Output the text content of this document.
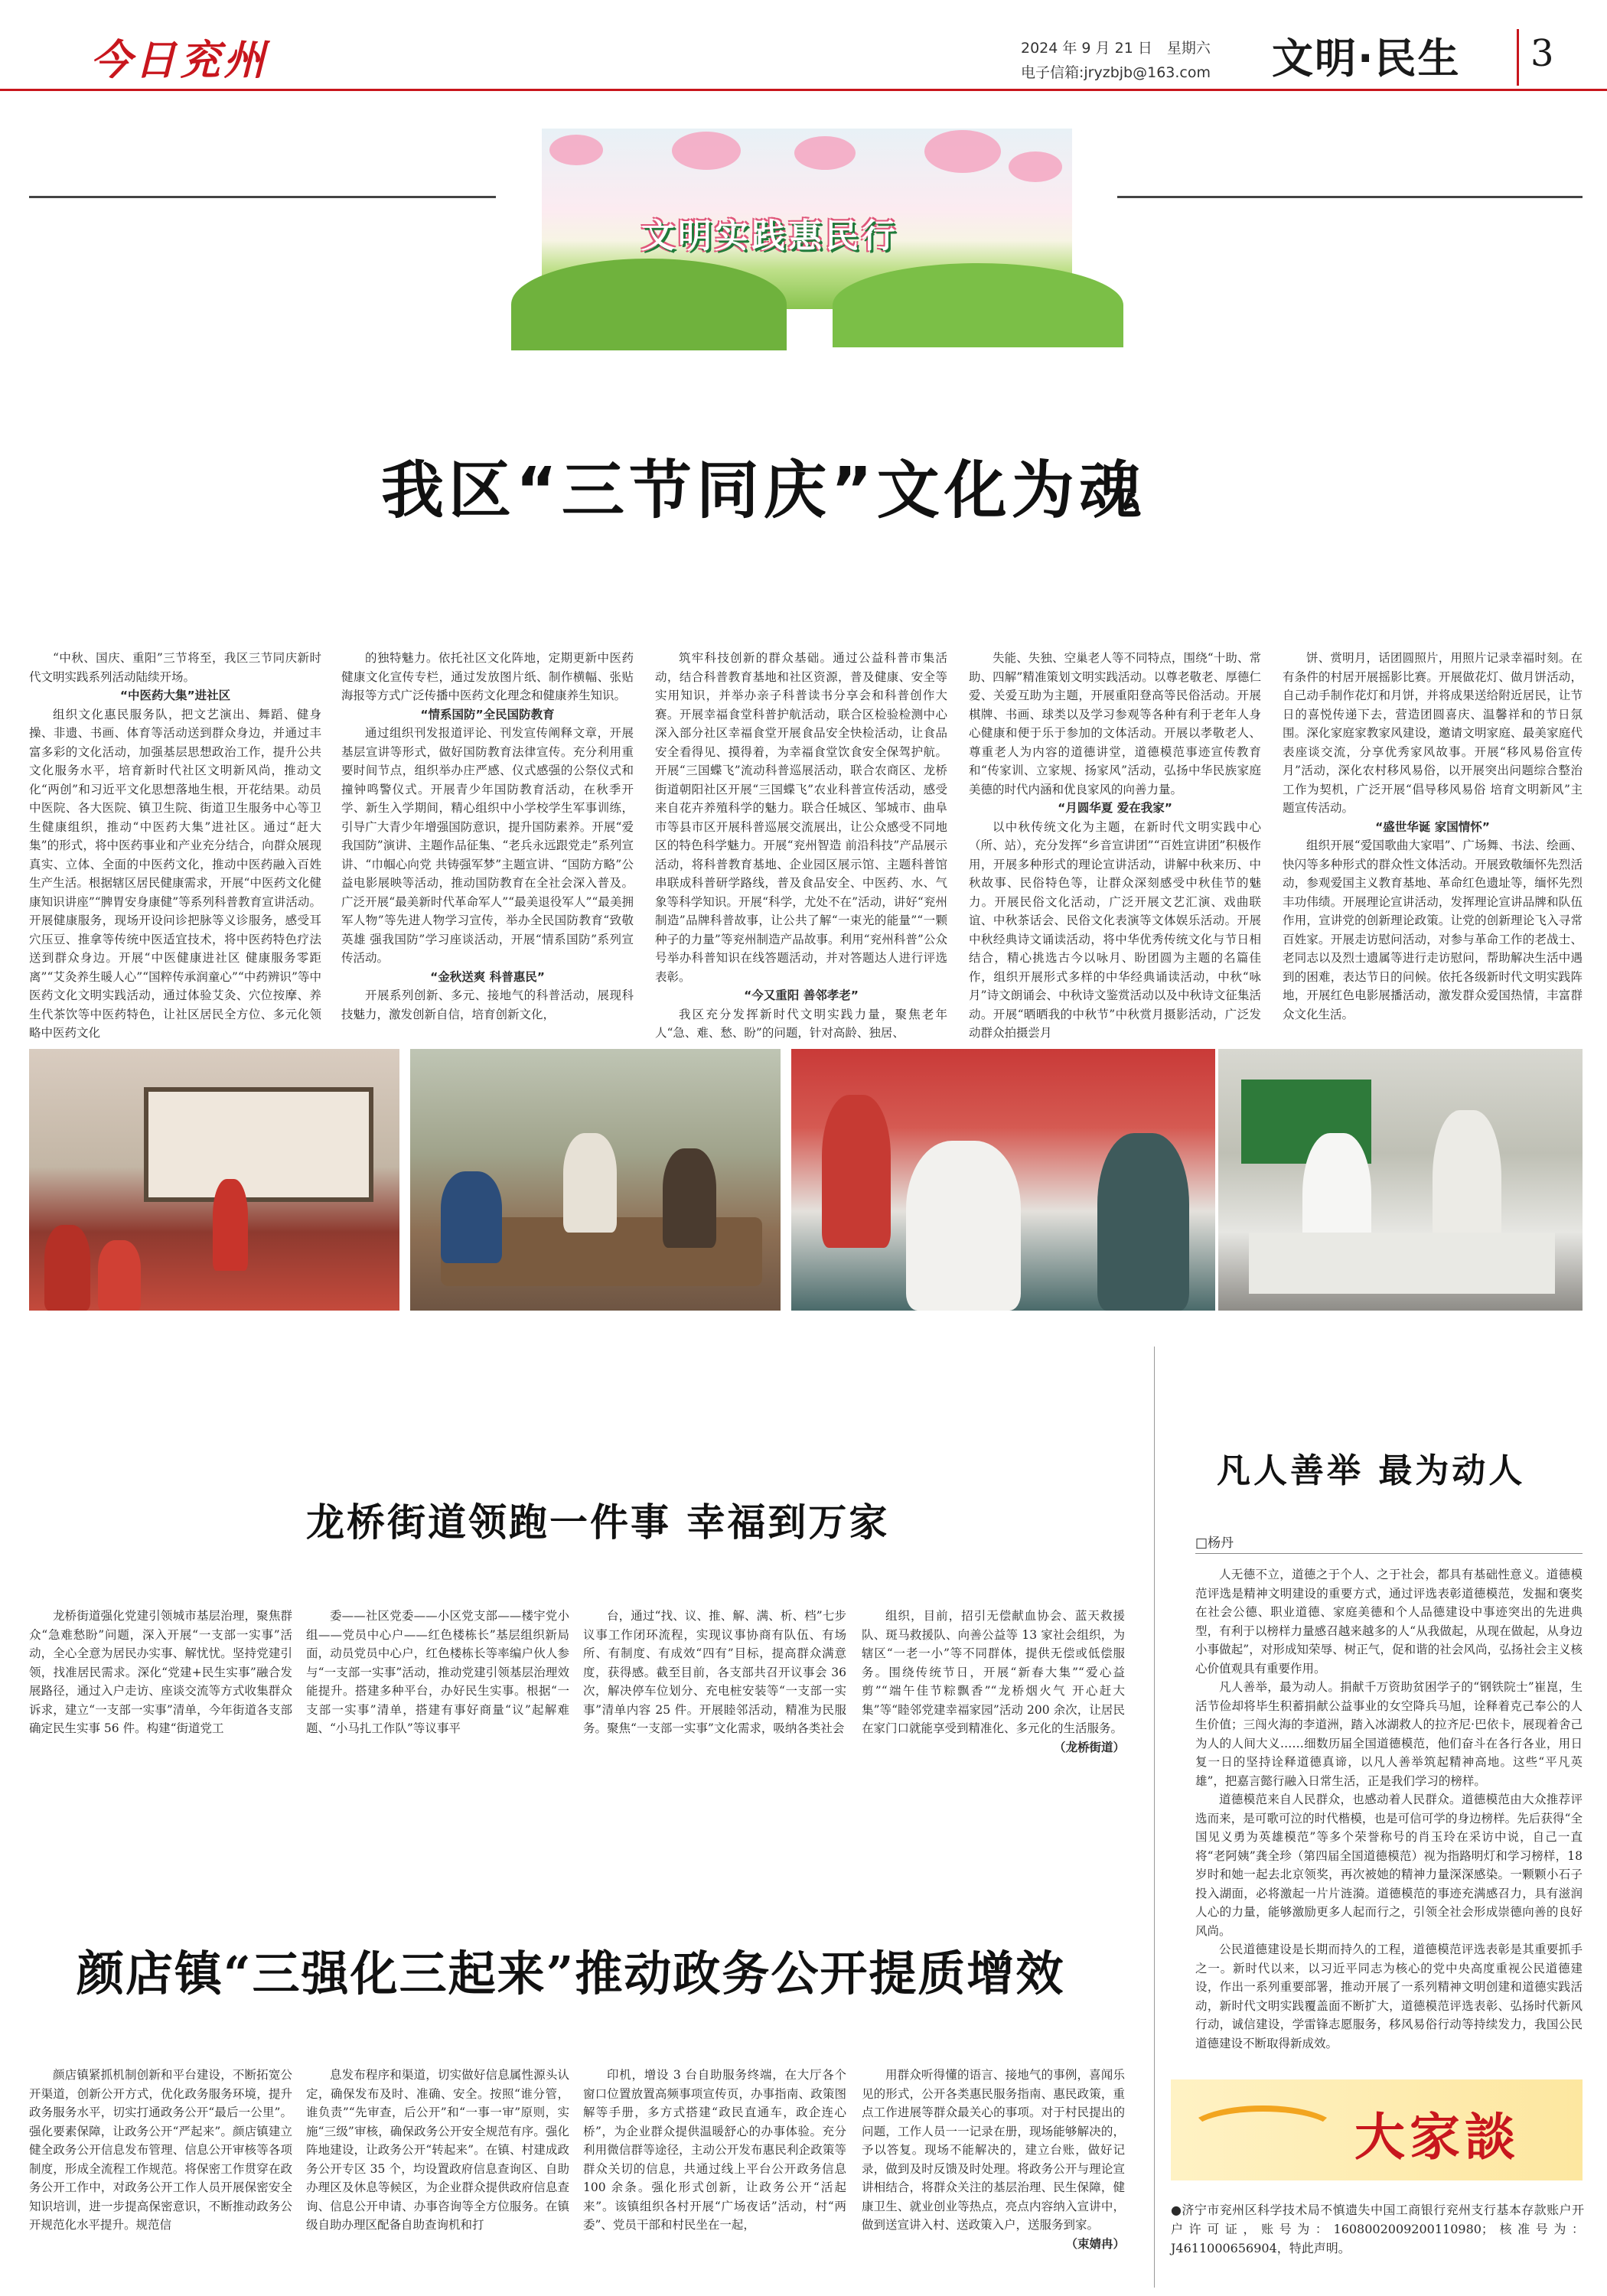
今日兖州	2024 年 9 月 21 日　星期六
电子信箱:jryzbjb@163.com 文明·民生 3
文明实践惠民行
我区“三节同庆”文化为魂

“中秋、国庆、重阳”三节将至，我区三节同庆新时代文明实践系列活动陆续开场。

“中医药大集”进社区

组织文化惠民服务队，把文艺演出、舞蹈、健身操、非遗、书画、体育等活动送到群众身边，并通过丰富多彩的文化活动，加强基层思想政治工作，提升公共文化服务水平，培育新时代社区文明新风尚，推动文化“两创”和习近平文化思想落地生根，开花结果。动员中医院、各大医院、镇卫生院、街道卫生服务中心等卫生健康组织，推动“中医药大集”进社区。通过“赶大集”的形式，将中医药事业和产业充分结合，向群众展现真实、立体、全面的中医药文化，推动中医药融入百姓生产生活。根据辖区居民健康需求，开展“中医药文化健康知识讲座”“脾胃安身康健”等系列科普教育宣讲活动。开展健康服务，现场开设问诊把脉等义诊服务，感受耳穴压豆、推拿等传统中医适宜技术，将中医药特色疗法送到群众身边。开展“中医健康进社区 健康服务零距离”“艾灸养生暖人心”“国粹传承润童心”“中药辨识”等中医药文化文明实践活动，通过体验艾灸、穴位按摩、养生代茶饮等中医药特色，让社区居民全方位、多元化领略中医药文化

的独特魅力。依托社区文化阵地，定期更新中医药健康文化宣传专栏，通过发放图片纸、制作横幅、张贴海报等方式广泛传播中医药文化理念和健康养生知识。

“情系国防”全民国防教育

通过组织刊发报道评论、刊发宣传阐释文章，开展基层宣讲等形式，做好国防教育法律宣传。充分利用重要时间节点，组织举办庄严感、仪式感强的公祭仪式和撞钟鸣警仪式。开展青少年国防教育活动，在秋季开学、新生入学期间，精心组织中小学校学生军事训练，引导广大青少年增强国防意识，提升国防素养。开展“爱我国防”演讲、主题作品征集、“老兵永远跟党走”系列宣讲、“巾帼心向党 共铸强军梦”主题宣讲、“国防方略”公益电影展映等活动，推动国防教育在全社会深入普及。广泛开展“最美新时代革命军人”“最美退役军人”“最美拥军人物”等先进人物学习宣传，举办全民国防教育“致敬英雄 强我国防”学习座谈活动，开展“情系国防”系列宣传活动。

“金秋送爽 科普惠民”

开展系列创新、多元、接地气的科普活动，展现科技魅力，激发创新自信，培育创新文化，

筑牢科技创新的群众基础。通过公益科普市集活动，结合科普教育基地和社区资源，普及健康、安全等实用知识，并举办亲子科普读书分享会和科普创作大赛。开展幸福食堂科普护航活动，联合区检验检测中心深入部分社区幸福食堂开展食品安全快检活动，让食品安全看得见、摸得着，为幸福食堂饮食安全保驾护航。开展“三国蝶飞”流动科普巡展活动，联合农商区、龙桥街道朝阳社区开展“三国蝶飞”农业科普宣传活动，感受来自花卉养殖科学的魅力。联合任城区、邹城市、曲阜市等县市区开展科普巡展交流展出，让公众感受不同地区的特色科学魅力。开展“兖州智造 前沿科技”产品展示活动，将科普教育基地、企业园区展示馆、主题科普馆串联成科普研学路线，普及食品安全、中医药、水、气象等科学知识。开展“科学，尤处不在”活动，讲好“兖州制造”品牌科普故事，让公共了解“一束光的能量”“一颗种子的力量”等兖州制造产品故事。利用“兖州科普”公众号举办科普知识在线答题活动，并对答题达人进行评选表彰。

“今又重阳 善邻孝老”

我区充分发挥新时代文明实践力量，聚焦老年人“急、难、愁、盼”的问题，针对高龄、独居、

失能、失独、空巢老人等不同特点，围绕“十助、常助、四解”精准策划文明实践活动。以尊老敬老、厚德仁爱、关爱互助为主题，开展重阳登高等民俗活动。开展棋牌、书画、球类以及学习参观等各种有利于老年人身心健康和便于乐于参加的文体活动。开展以孝敬老人、尊重老人为内容的道德讲堂，道德模范事迹宣传教育和“传家训、立家规、扬家风”活动，弘扬中华民族家庭美德的时代内涵和优良家风的向善力量。

“月圆华夏 爱在我家”

以中秋传统文化为主题，在新时代文明实践中心（所、站），充分发挥“乡音宣讲团”“百姓宣讲团”积极作用，开展多种形式的理论宣讲活动，讲解中秋来历、中秋故事、民俗特色等，让群众深刻感受中秋佳节的魅力。开展民俗文化活动，广泛开展文艺汇演、戏曲联谊、中秋茶话会、民俗文化表演等文体娱乐活动。开展中秋经典诗文诵读活动，将中华优秀传统文化与节日相结合，精心挑选古今以咏月、盼团圆为主题的名篇佳作，组织开展形式多样的中华经典诵读活动，中秋“咏月”诗文朗诵会、中秋诗文鉴赏活动以及中秋诗文征集活动。开展“晒晒我的中秋节”中秋赏月摄影活动，广泛发动群众拍摄尝月

饼、赏明月，话团圆照片，用照片记录幸福时刻。在有条件的村居开展摇影比赛。开展做花灯、做月饼活动，自己动手制作花灯和月饼，并将成果送给附近居民，让节日的喜悦传递下去，营造团圆喜庆、温馨祥和的节日氛围。深化家庭家教家风建设，邀请文明家庭、最美家庭代表座谈交流，分享优秀家风故事。开展“移风易俗宣传月”活动，深化农村移风易俗，以开展突出问题综合整治工作为契机，广泛开展“倡导移风易俗 培育文明新风”主题宣传活动。

“盛世华诞 家国情怀”

组织开展“爱国歌曲大家唱”、广场舞、书法、绘画、快闪等多种形式的群众性文体活动。开展致敬缅怀先烈活动，参观爱国主义教育基地、革命红色遗址等，缅怀先烈丰功伟绩。开展理论宣讲活动，发挥理论宣讲品牌和队伍作用，宣讲党的创新理论政策。让党的创新理论飞入寻常百姓家。开展走访慰问活动，对参与革命工作的老战士、老同志以及烈士遗属等进行走访慰问，帮助解决生活中遇到的困难，表达节日的问候。依托各级新时代文明实践阵地，开展红色电影展播活动，激发群众爱国热情，丰富群众文化生活。

龙桥街道领跑一件事 幸福到万家

龙桥街道强化党建引领城市基层治理，聚焦群众“急难愁盼”问题，深入开展“一支部一实事”活动，全心全意为居民办实事、解忧忧。坚持党建引领，找准居民需求。深化“党建+民生实事”融合发展路径，通过入户走访、座谈交流等方式收集群众诉求，建立“一支部一实事”清单，今年街道各支部确定民生实事 56 件。构建“街道党工

委——社区党委——小区党支部——楼宇党小组——党员中心户——红色楼栋长”基层组织新局面，动员党员中心户，红色楼栋长等率编户伙人参与“一支部一实事”活动，推动党建引领基层治理效能提升。搭建多种平台，办好民生实事。根据“一支部一实事”清单，搭建有事好商量“议”起解难题、“小马扎工作队”等议事平

台，通过“找、议、推、解、满、析、档”七步议事工作闭环流程，实现议事协商有队伍、有场所、有制度、有成效“四有”目标，提高群众满意度，获得感。截至目前，各支部共召开议事会 36 次，解决停车位划分、充电桩安装等“一支部一实事”清单内容 25 件。开展睦邻活动，精准为民服务。聚焦“一支部一实事”文化需求，吸纳各类社会

组织，目前，招引无偿献血协会、蓝天救援队、斑马救援队、向善公益等 13 家社会组织，为辖区“一老一小”等不同群体，提供无偿或低偿服务。围绕传统节日，开展“新春大集”“爱心益剪”“端午佳节粽飘香”“龙桥烟火气 开心赶大集”等“睦邻党建幸福家园”活动 200 余次，让居民在家门口就能享受到精准化、多元化的生活服务。

（龙桥街道）

颜店镇“三强化三起来”推动政务公开提质增效

颜店镇紧抓机制创新和平台建设，不断拓宽公开渠道，创新公开方式，优化政务服务环境，提升政务服务水平，切实打通政务公开“最后一公里”。强化要素保障，让政务公开“严起来”。颜店镇建立健全政务公开信息发布管理、信息公开审核等各项制度，形成全流程工作规范。将保密工作贯穿在政务公开工作中，对政务公开工作人员开展保密安全知识培训，进一步提高保密意识，不断推动政务公开规范化水平提升。规范信

息发布程序和渠道，切实做好信息属性源头认定，确保发布及时、准确、安全。按照“谁分管，谁负责”“先审查，后公开”和“一事一审”原则，实施“三级”审核，确保政务公开安全规范有序。强化阵地建设，让政务公开“转起来”。在镇、村建成政务公开专区 35 个，均设置政府信息查询区、自助办理区及休息等候区，为企业群众提供政府信息查询、信息公开申请、办事咨询等全方位服务。在镇级自助办理区配备自助查询机和打

印机，增设 3 台自助服务终端，在大厅各个窗口位置放置高频事项宣传页，办事指南、政策图解等手册，多方式搭建“政民直通车，政企连心桥”，为企业群众提供温暖舒心的办事体验。充分利用微信群等途径，主动公开发布惠民利企政策等群众关切的信息，共通过线上平台公开政务信息 100 余条。强化形式创新，让政务公开“活起来”。该镇组织各村开展“广场夜话”活动，村“两委”、党员干部和村民坐在一起，

用群众听得懂的语言、接地气的事例，喜闻乐见的形式，公开各类惠民服务指南、惠民政策，重点工作进展等群众最关心的事项。对于村民提出的问题，工作人员一一记录在册，现场能够解决的，予以答复。现场不能解决的，建立台账，做好记录，做到及时反馈及时处理。将政务公开与理论宣讲相结合，将群众关注的基层治理、民生保障，健康卫生、就业创业等热点，亮点内容纳入宣讲中，做到送宣讲入村、送政策入户，送服务到家。

（束婧冉）

凡人善举 最为动人
□杨丹

人无德不立，道德之于个人、之于社会，都具有基础性意义。道德模范评选是精神文明建设的重要方式，通过评选表彰道德模范，发掘和褒奖在社会公德、职业道德、家庭美德和个人品德建设中事迹突出的先进典型，有利于以榜样力量感召越来越多的人“从我做起，从现在做起，从身边小事做起”，对形成知荣辱、树正气，促和谐的社会风尚，弘扬社会主义核心价值观具有重要作用。

凡人善举，最为动人。捐献千万资助贫困学子的“钢铁院士”崔崑，生活节俭却将毕生积蓄捐献公益事业的女空降兵马旭，诠释着克己奉公的人生价值；三闯火海的李道洲，踏入冰湖救人的拉齐尼·巴依卡，展现着舍己为人的人间大义……细数历届全国道德模范，他们奋斗在各行各业，用日复一日的坚持诠释道德真谛，以凡人善举筑起精神高地。这些“平凡英雄”，把嘉言懿行融入日常生活，正是我们学习的榜样。

道德模范来自人民群众，也感动着人民群众。道德模范由大众推荐评选而来，是可歌可泣的时代楷模，也是可信可学的身边榜样。先后获得“全国见义勇为英雄模范”等多个荣誉称号的肖玉玲在采访中说，自己一直将“老阿姨”龚全珍（第四届全国道德模范）视为指路明灯和学习榜样，18 岁时和她一起去北京领奖，再次被她的精神力量深深感染。一颗颗小石子投入湖面，必将激起一片片涟漪。道德模范的事迹充满感召力，具有滋润人心的力量，能够激励更多人起而行之，引领全社会形成崇德向善的良好风尚。

公民道德建设是长期而持久的工程，道德模范评选表彰是其重要抓手之一。新时代以来，以习近平同志为核心的党中央高度重视公民道德建设，作出一系列重要部署，推动开展了一系列精神文明创建和道德实践活动，新时代文明实践覆盖面不断扩大，道德模范评选表彰、弘扬时代新风行动，诚信建设，学雷锋志愿服务，移风易俗行动等持续发力，我国公民道德建设不断取得新成效。

大家談
●济宁市兖州区科学技术局不慎遗失中国工商银行兖州支行基本存款账户开户许可证，账号为：1608002009200110980；核准号为：J4611000656904，特此声明。
